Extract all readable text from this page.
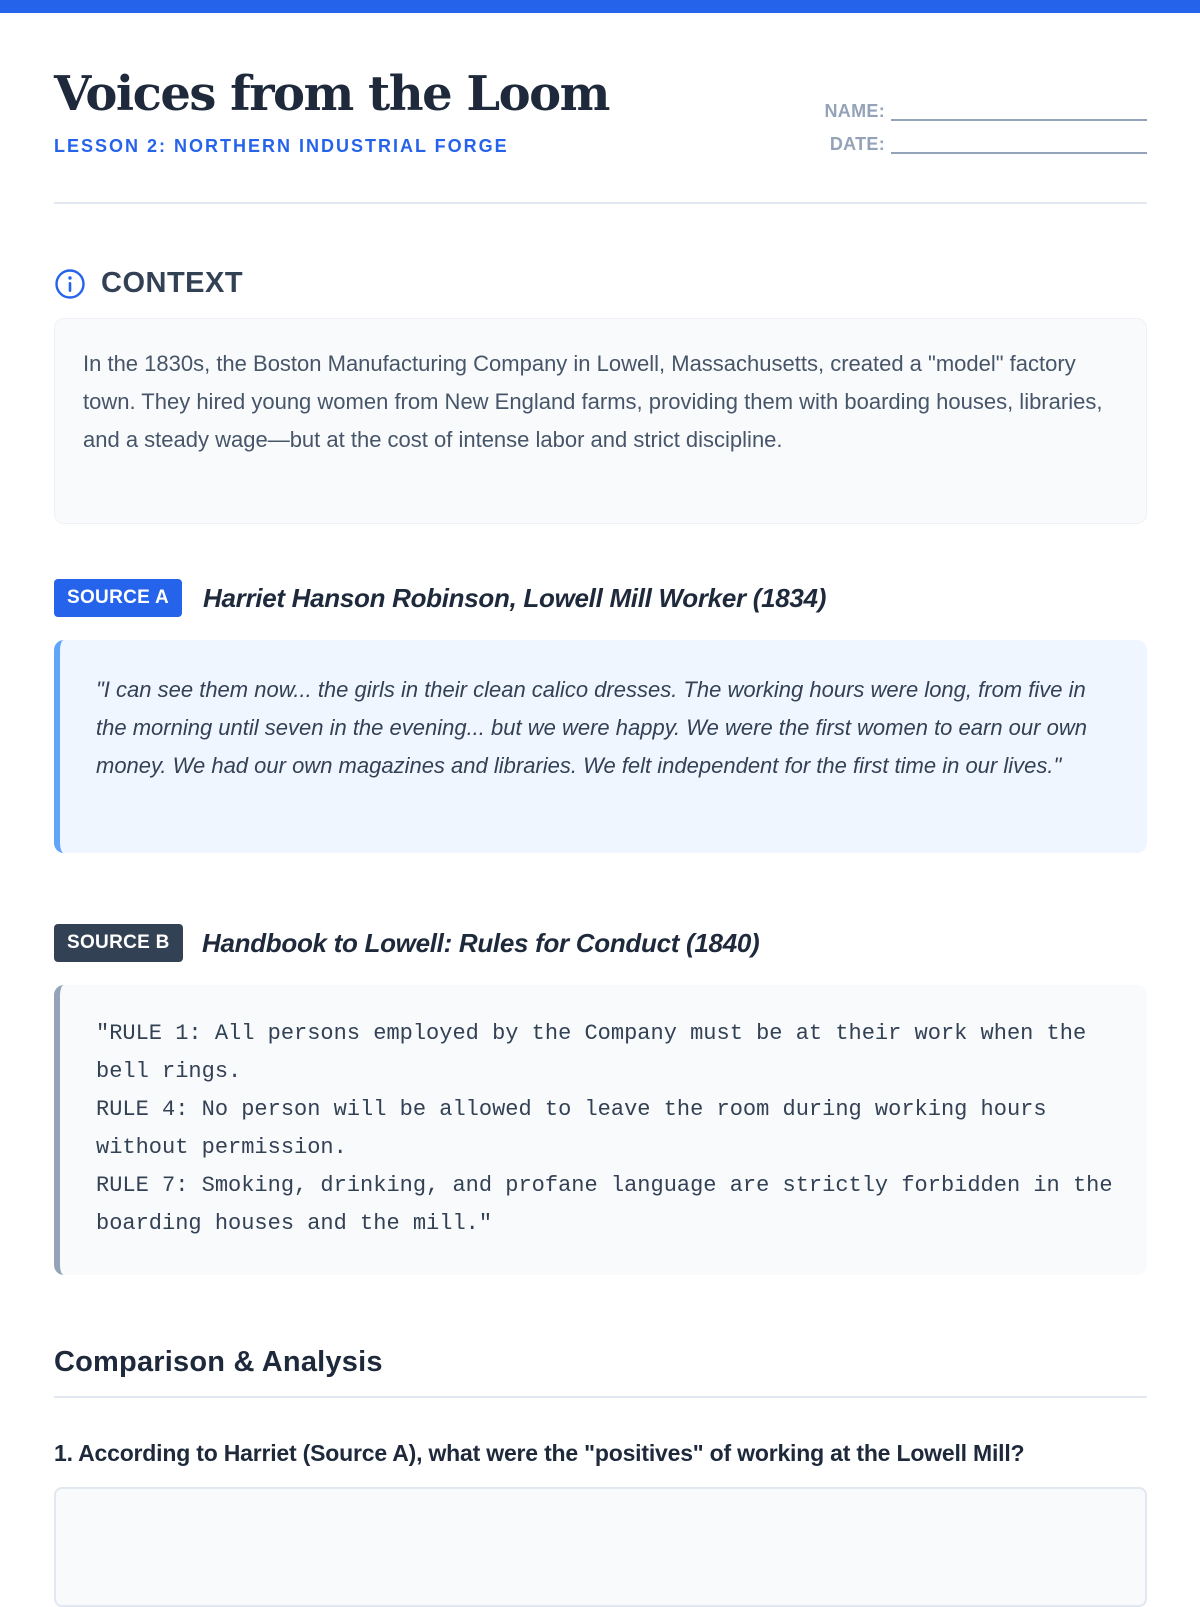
Voices from the Loom
LESSON 2: NORTHERN INDUSTRIAL FORGE
NAME:
DATE:
CONTEXT
In the 1830s, the Boston Manufacturing Company in Lowell, Massachusetts, created a "model" factory town. They hired young women from New England farms, providing them with boarding houses, libraries, and a steady wage—but at the cost of intense labor and strict discipline.
SOURCE A Harriet Hanson Robinson, Lowell Mill Worker (1834)
"I can see them now... the girls in their clean calico dresses. The working hours were long, from five in the morning until seven in the evening... but we were happy. We were the first women to earn our own money. We had our own magazines and libraries. We felt independent for the first time in our lives."
SOURCE B Handbook to Lowell: Rules for Conduct (1840)
"RULE 1: All persons employed by the Company must be at their work when the bell rings.
RULE 4: No person will be allowed to leave the room during working hours without permission.
RULE 7: Smoking, drinking, and profane language are strictly forbidden in the boarding houses and the mill."
Comparison & Analysis
1. According to Harriet (Source A), what were the "positives" of working at the Lowell Mill?
